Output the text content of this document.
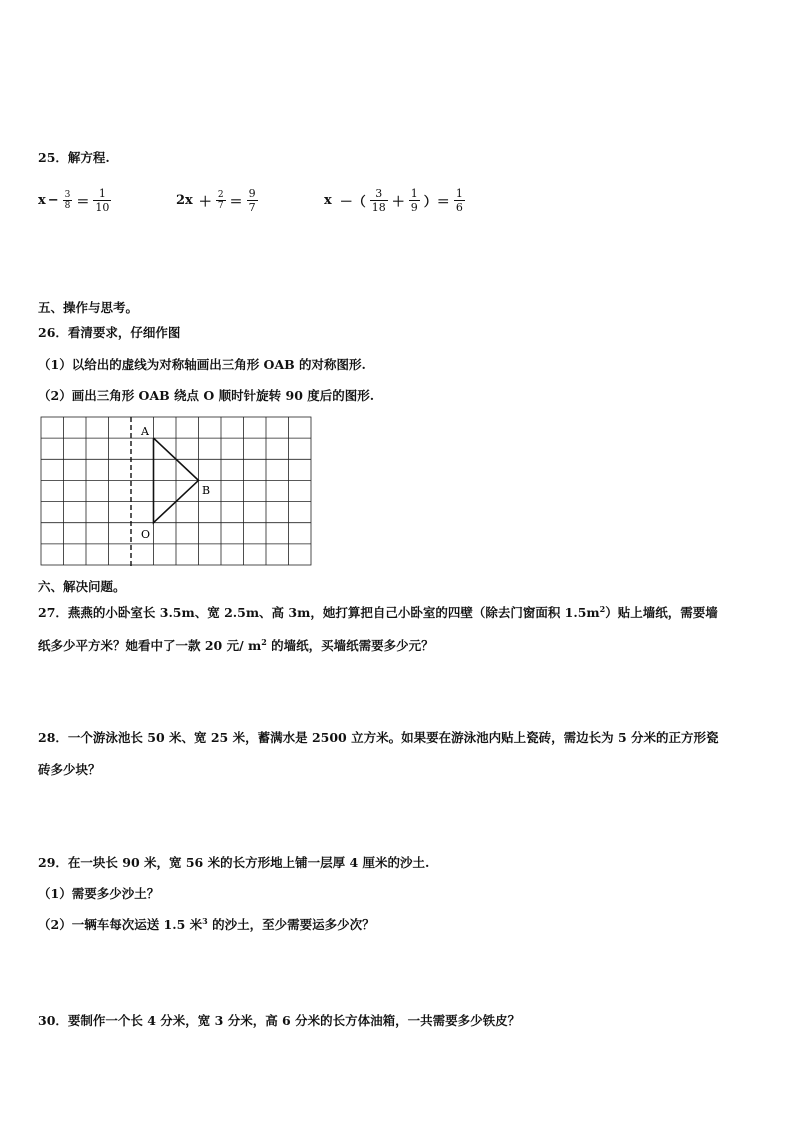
25．解方程.
$x - \frac{3}{8} = \frac{1}{10}$	$2x + \frac{2}{7} = \frac{9}{7}$	x －（ $\frac{3}{18} + \frac{1}{9}$ ）＝ $\frac{1}{6}$
五、操作与思考。
26．看清要求，仔细作图
（1）以给出的虚线为对称轴画出三角形 OAB 的对称图形.
（2）画出三角形 OAB 绕点 O 顺时针旋转 90 度后的图形.
A
B
O
六、解决问题。
27．燕燕的小卧室长 3.5m、宽 2.5m、高 3m，她打算把自己小卧室的四壁（除去门窗面积 $1.5m^2$）贴上墙纸，需要墙
纸多少平方米？她看中了一款 20 元/ $m^2$ 的墙纸，买墙纸需要多少元？
28．一个游泳池长 50 米、宽 25 米，蓄满水是 2500 立方米。如果要在游泳池内贴上瓷砖，需边长为 5 分米的正方形瓷
砖多少块？
29．在一块长 90 米，宽 56 米的长方形地上铺一层厚 4 厘米的沙土.
（1）需要多少沙土？
（2）一辆车每次运送 1.5 米$^3$ 的沙土，至少需要运多少次？
30．要制作一个长 4 分米，宽 3 分米，高 6 分米的长方体油箱，一共需要多少铁皮？
